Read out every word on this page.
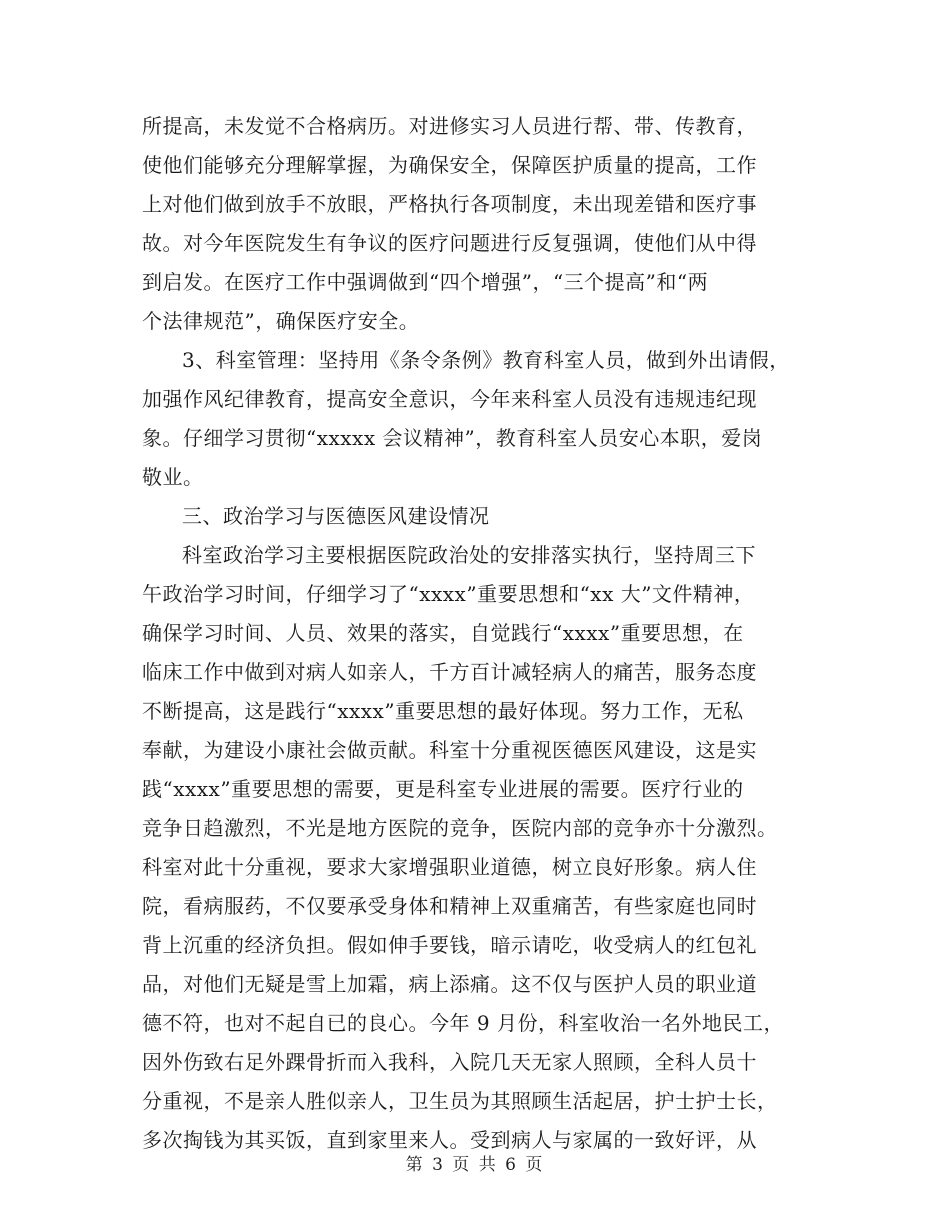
所提高，未发觉不合格病历。对进修实习人员进行帮、带、传教育，
使他们能够充分理解掌握，为确保安全，保障医护质量的提高，工作
上对他们做到放手不放眼，严格执行各项制度，未出现差错和医疗事
故。对今年医院发生有争议的医疗问题进行反复强调，使他们从中得
到启发。在医疗工作中强调做到“四个增强”，“三个提高”和“两
个法律规范”，确保医疗安全。
3、科室管理：坚持用《条令条例》教育科室人员，做到外出请假，
加强作风纪律教育，提高安全意识，今年来科室人员没有违规违纪现
象。仔细学习贯彻“xxxxx 会议精神”，教育科室人员安心本职，爱岗
敬业。
三、政治学习与医德医风建设情况
科室政治学习主要根据医院政治处的安排落实执行，坚持周三下
午政治学习时间，仔细学习了“xxxx”重要思想和“xx 大”文件精神，
确保学习时间、人员、效果的落实，自觉践行“xxxx”重要思想，在
临床工作中做到对病人如亲人，千方百计减轻病人的痛苦，服务态度
不断提高，这是践行“xxxx”重要思想的最好体现。努力工作，无私
奉献，为建设小康社会做贡献。科室十分重视医德医风建设，这是实
践“xxxx”重要思想的需要，更是科室专业进展的需要。医疗行业的
竞争日趋激烈，不光是地方医院的竞争，医院内部的竞争亦十分激烈。
科室对此十分重视，要求大家增强职业道德，树立良好形象。病人住
院，看病服药，不仅要承受身体和精神上双重痛苦，有些家庭也同时
背上沉重的经济负担。假如伸手要钱，暗示请吃，收受病人的红包礼
品，对他们无疑是雪上加霜，病上添痛。这不仅与医护人员的职业道
德不符，也对不起自已的良心。今年 9 月份，科室收治一名外地民工，
因外伤致右足外踝骨折而入我科，入院几天无家人照顾，全科人员十
分重视，不是亲人胜似亲人，卫生员为其照顾生活起居，护士护士长，
多次掏钱为其买饭，直到家里来人。受到病人与家属的一致好评，从
第 3 页 共 6 页
